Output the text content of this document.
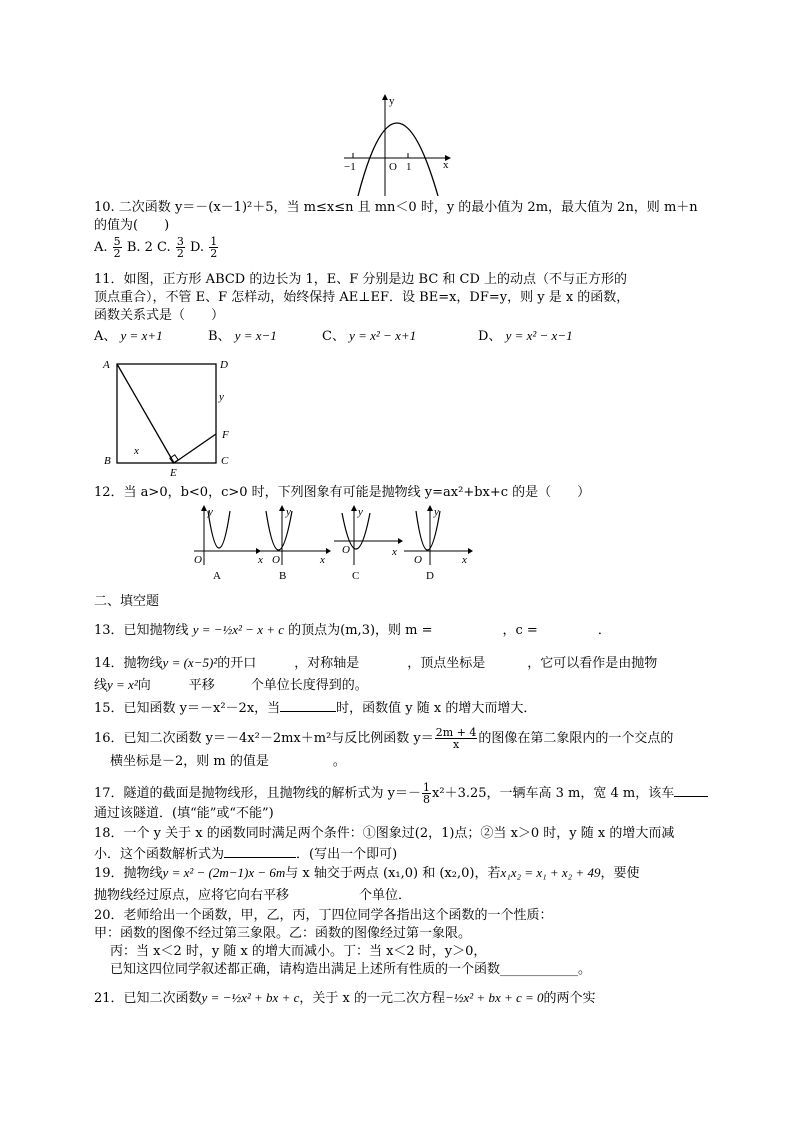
y
x
O
−1	1
10. 二次函数 y＝－(x－1)²＋5，当 m≤x≤n 且 mn＜0 时，y 的最小值为 2m，最大值为 2n，则 m＋n
的值为(　　)
A. $\frac{5}{2} B$. 2 C. $\frac{3}{2} D$. $\frac{1}{2}$
11．如图，正方形 ABCD 的边长为 1，E、F 分别是边 BC 和 CD 上的动点（不与正方形的
顶点重合），不管 E、F 怎样动，始终保持 AE⊥EF．设 BE=x，DF=y，则 y 是 x 的函数，
函数关系式是（　　）
A、 y = x+1	B、 y = x−1	C、 y = x² − x+1	D、 y = x² − x−1
A	D
B	C
E
F
x
y
12．当 a>0，b<0，c>0 时，下列图象有可能是抛物线 y=ax²+bx+c 的是（　　）
y
x
O
y
x
O
y
x
O
y
x
O
A	B	C	D
二、填空题
13．已知抛物线 y = −½x² − x + c 的顶点为(m,3)，则 m =	，c =	．
14．抛物线y = (x−5)²的开口	，对称轴是	，顶点坐标是	，它可以看作是由抛物
线y = x²向	平移	个单位长度得到的。
15．已知函数 y＝－x²－2x，当	时，函数值 y 随 x 的增大而增大．
16．已知二次函数 y＝－4x²－2mx＋m²与反比例函数 $y= \frac{2m + 4}{x}$ 的图像在第二象限内的一个交点的
横坐标是－2，则 m 的值是	。
17．隧道的截面是抛物线形，且抛物线的解析式为 $y=- \frac{1}{8} x^2+3.25$，一辆车高 3 m，宽 4 m，该车
通过该隧道．(填“能”或“不能”)
18．一个 y 关于 x 的函数同时满足两个条件：①图象过(2，1)点；②当 x＞0 时，y 随 x 的增大而减
小．这个函数解析式为	．(写出一个即可)
19．抛物线y = x² − (2m−1)x − 6m与 x 轴交于两点 (x₁,0) 和 (x₂,0)，若x₁x₂ = x₁ + x₂ + 49，要使
抛物线经过原点，应将它向右平移	个单位．
20．老师给出一个函数，甲，乙，丙，丁四位同学各指出这个函数的一个性质：
甲：函数的图像不经过第三象限。乙：函数的图像经过第一象限。
丙：当 x＜2 时，y 随 x 的增大而减小。丁：当 x＜2 时，y＞0，
已知这四位同学叙述都正确，请构造出满足上述所有性质的一个函数____________。
21．已知二次函数y = −½x² + bx + c，关于 x 的一元二次方程−½x² + bx + c = 0的两个实
